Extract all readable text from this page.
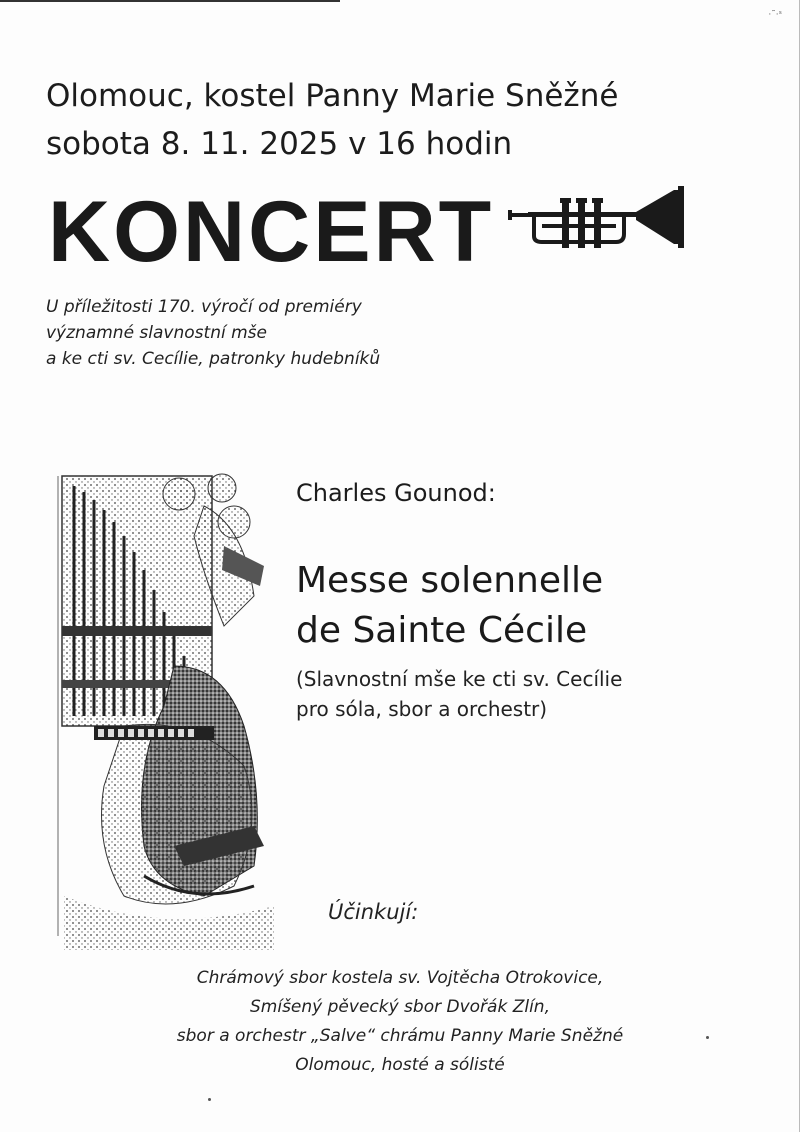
·˜·ˢ
Olomouc, kostel Panny Marie Sněžné
sobota 8. 11. 2025 v 16 hodin
KONCERT
U příležitosti 170. výročí od premiéry
významné slavnostní mše
a ke cti sv. Cecílie, patronky hudebníků
Charles Gounod:
Messe solennelle
de Sainte Cécile
(Slavnostní mše ke cti sv. Cecílie
pro sóla, sbor a orchestr)
Účinkují:
Chrámový sbor kostela sv. Vojtěcha Otrokovice,
Smíšený pěvecký sbor Dvořák Zlín,
sbor a orchestr „Salve“ chrámu Panny Marie Sněžné
Olomouc, hosté a sólisté
